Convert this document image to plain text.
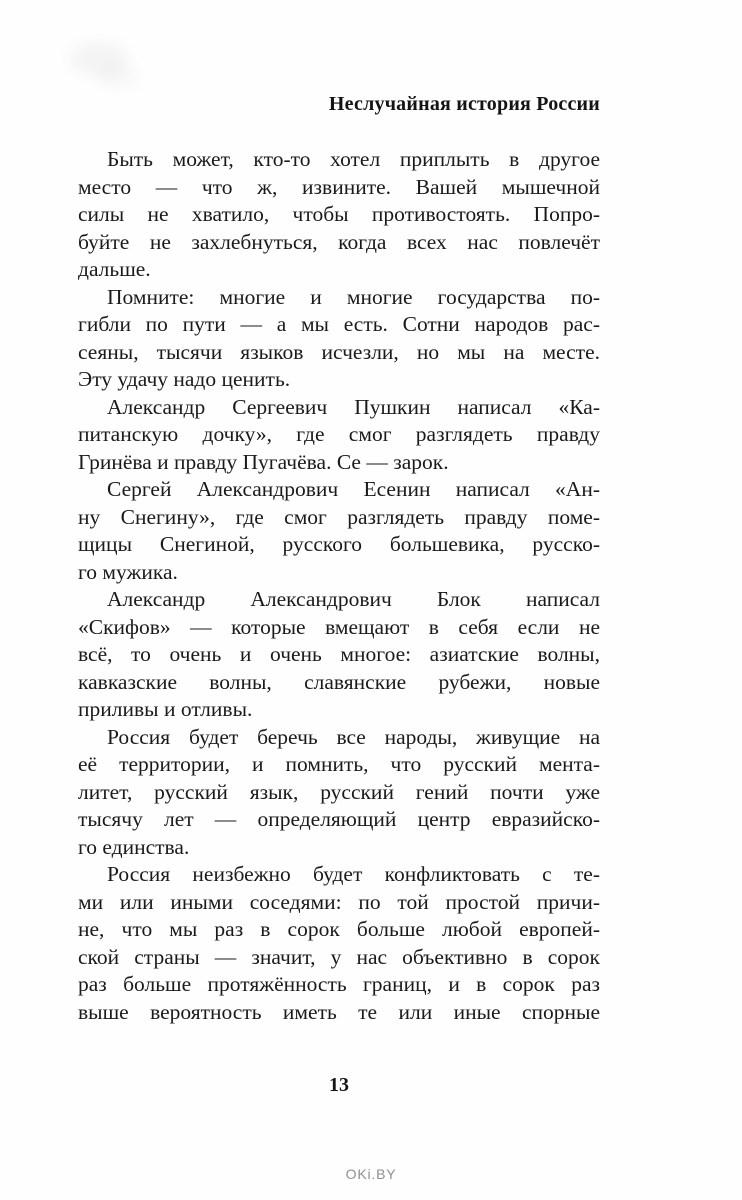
Неслучайная история России
Быть может, кто-то хотел приплыть в другое
место — что ж, извините. Вашей мышечной
силы не хватило, чтобы противостоять. Попро-
буйте не захлебнуться, когда всех нас повлечёт
дальше.
Помните: многие и многие государства по-
гибли по пути — а мы есть. Сотни народов рас-
сеяны, тысячи языков исчезли, но мы на месте.
Эту удачу надо ценить.
Александр Сергеевич Пушкин написал «Ка-
питанскую дочку», где смог разглядеть правду
Гринёва и правду Пугачёва. Се — зарок.
Сергей Александрович Есенин написал «Ан-
ну Снегину», где смог разглядеть правду поме-
щицы Снегиной, русского большевика, русско-
го мужика.
Александр Александрович Блок написал
«Скифов» — которые вмещают в себя если не
всё, то очень и очень многое: азиатские волны,
кавказские волны, славянские рубежи, новые
приливы и отливы.
Россия будет беречь все народы, живущие на
её территории, и помнить, что русский мента-
литет, русский язык, русский гений почти уже
тысячу лет — определяющий центр евразийско-
го единства.
Россия неизбежно будет конфликтовать с те-
ми или иными соседями: по той простой причи-
не, что мы раз в сорок больше любой европей-
ской страны — значит, у нас объективно в сорок
раз больше протяжённость границ, и в сорок раз
выше вероятность иметь те или иные спорные
13
OKi.BY
